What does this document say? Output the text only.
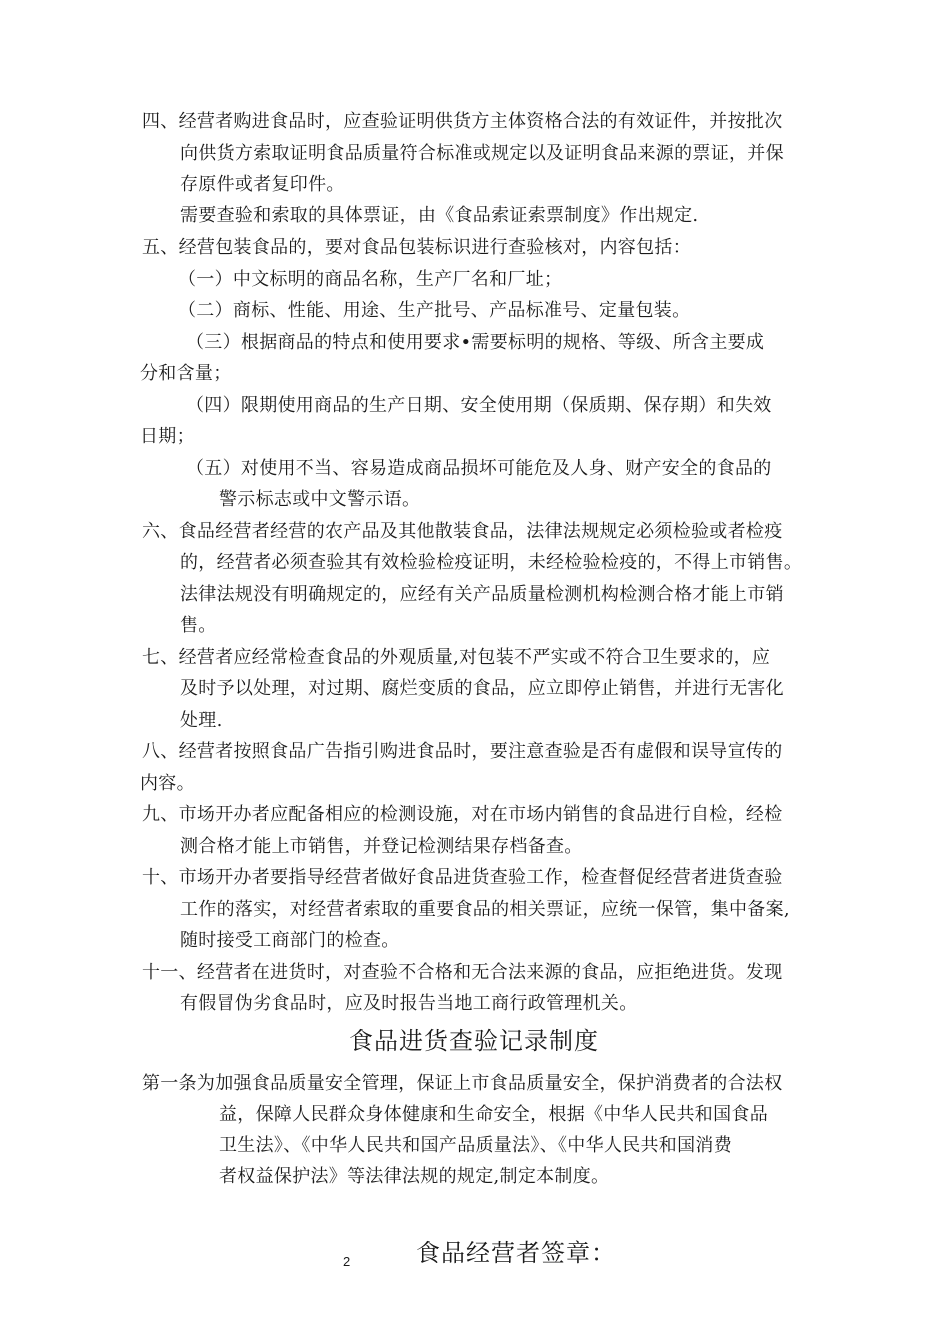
四、经营者购进食品时，应查验证明供货方主体资格合法的有效证件，并按批次
向供货方索取证明食品质量符合标准或规定以及证明食品来源的票证，并保
存原件或者复印件。
需要查验和索取的具体票证，由《食品索证索票制度》作出规定.
五、经营包装食品的，要对食品包装标识进行查验核对，内容包括：
（一）中文标明的商品名称，生产厂名和厂址；
（二）商标、性能、用途、生产批号、产品标准号、定量包装。
（三）根据商品的特点和使用要求•需要标明的规格、等级、所含主要成
分和含量；
（四）限期使用商品的生产日期、安全使用期（保质期、保存期）和失效
日期；
（五）对使用不当、容易造成商品损坏可能危及人身、财产安全的食品的
警示标志或中文警示语。
六、食品经营者经营的农产品及其他散装食品，法律法规规定必须检验或者检疫
的，经营者必须查验其有效检验检疫证明，未经检验检疫的，不得上市销售。
法律法规没有明确规定的，应经有关产品质量检测机构检测合格才能上市销
售。
七、经营者应经常检查食品的外观质量,对包装不严实或不符合卫生要求的，应
及时予以处理，对过期、腐烂变质的食品，应立即停止销售，并进行无害化
处理.
八、经营者按照食品广告指引购进食品时，要注意查验是否有虚假和误导宣传的
内容。
九、市场开办者应配备相应的检测设施，对在市场内销售的食品进行自检，经检
测合格才能上市销售，并登记检测结果存档备查。
十、市场开办者要指导经营者做好食品进货查验工作，检查督促经营者进货查验
工作的落实，对经营者索取的重要食品的相关票证，应统一保管，集中备案,
随时接受工商部门的检查。
十一、经营者在进货时，对查验不合格和无合法来源的食品，应拒绝进货。发现
有假冒伪劣食品时，应及时报告当地工商行政管理机关。
食品进货查验记录制度
第一条为加强食品质量安全管理，保证上市食品质量安全，保护消费者的合法权
益，保障人民群众身体健康和生命安全，根据《中华人民共和国食品
卫生法》、《中华人民共和国产品质量法》、《中华人民共和国消费
者权益保护法》等法律法规的规定,制定本制度。
2	食品经营者签章：
